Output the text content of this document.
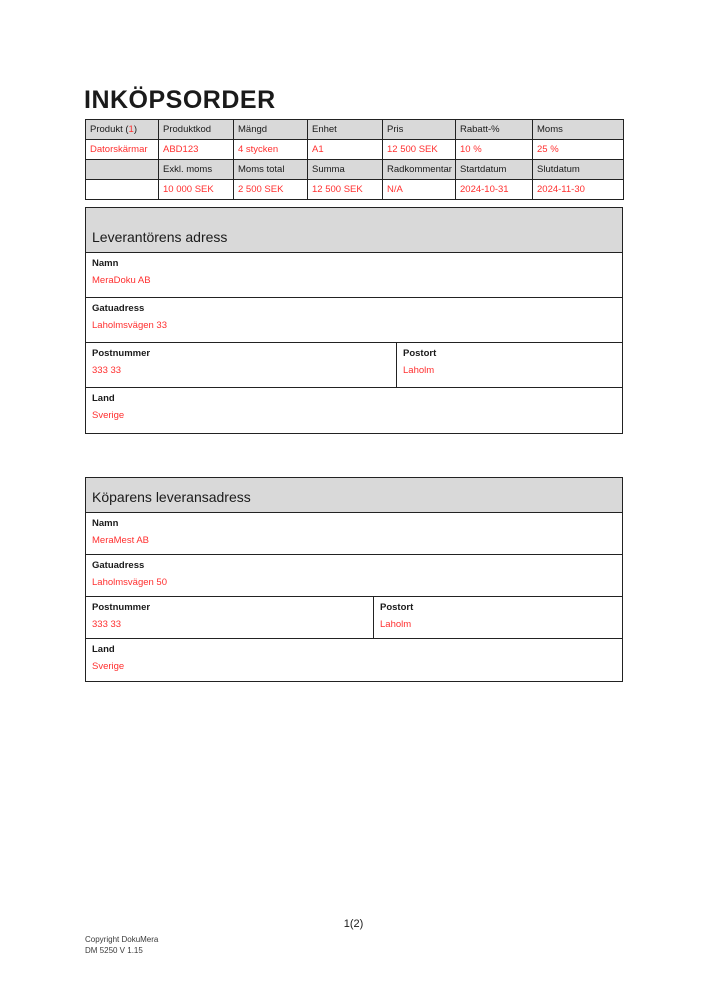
INKÖPSORDER
Produkt (1)	Produktkod	Mängd	Enhet	Pris	Rabatt-%	Moms
Datorskärmar	ABD123	4 stycken	A1	12 500 SEK	10 %	25 %
	Exkl. moms	Moms total	Summa	Radkommentar	Startdatum	Slutdatum
	10 000 SEK	2 500 SEK	12 500 SEK	N/A	2024-10-31	2024-11-30
Leverantörens adress
Namn
MeraDoku AB
Gatuadress
Laholmsvägen 33
Postnummer
333 33
Postort
Laholm
Land
Sverige
Köparens leveransadress
Namn
MeraMest AB
Gatuadress
Laholmsvägen 50
Postnummer
333 33
Postort
Laholm
Land
Sverige
1(2)
Copyright DokuMera
DM 5250 V 1.15
